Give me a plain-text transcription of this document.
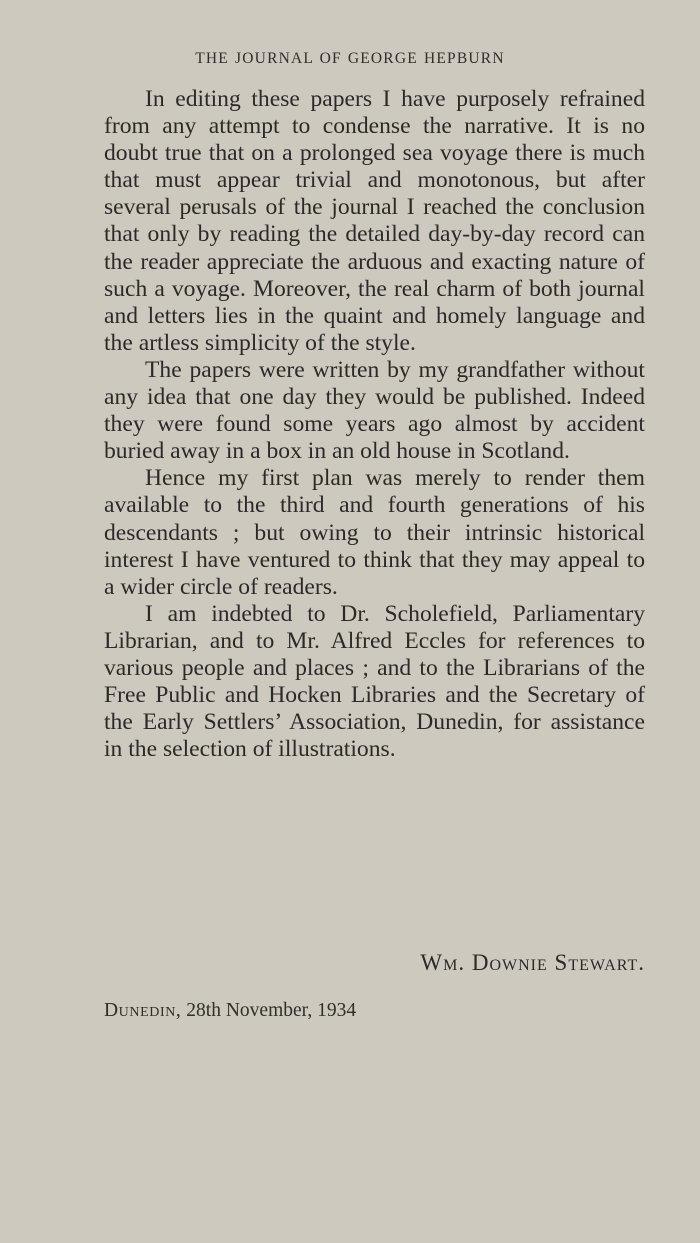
THE JOURNAL OF GEORGE HEPBURN

In editing these papers I have purposely refrained from any attempt to condense the narrative. It is no doubt true that on a prolonged sea voyage there is much that must appear trivial and monotonous, but after several perusals of the journal I reached the conclusion that only by reading the detailed day-by-day record can the reader appreciate the arduous and exacting nature of such a voyage. Moreover, the real charm of both journal and letters lies in the quaint and homely language and the artless simplicity of the style.

The papers were written by my grandfather without any idea that one day they would be published. Indeed they were found some years ago almost by accident buried away in a box in an old house in Scotland.

Hence my first plan was merely to render them available to the third and fourth generations of his descendants ; but owing to their intrinsic historical interest I have ventured to think that they may appeal to a wider circle of readers.

I am indebted to Dr. Scholefield, Parliamentary Librarian, and to Mr. Alfred Eccles for references to various people and places ; and to the Librarians of the Free Public and Hocken Libraries and the Secretary of the Early Settlers’ Association, Dunedin, for assistance in the selection of illustrations.

Wm. Downie Stewart.
Dunedin, 28th November, 1934
